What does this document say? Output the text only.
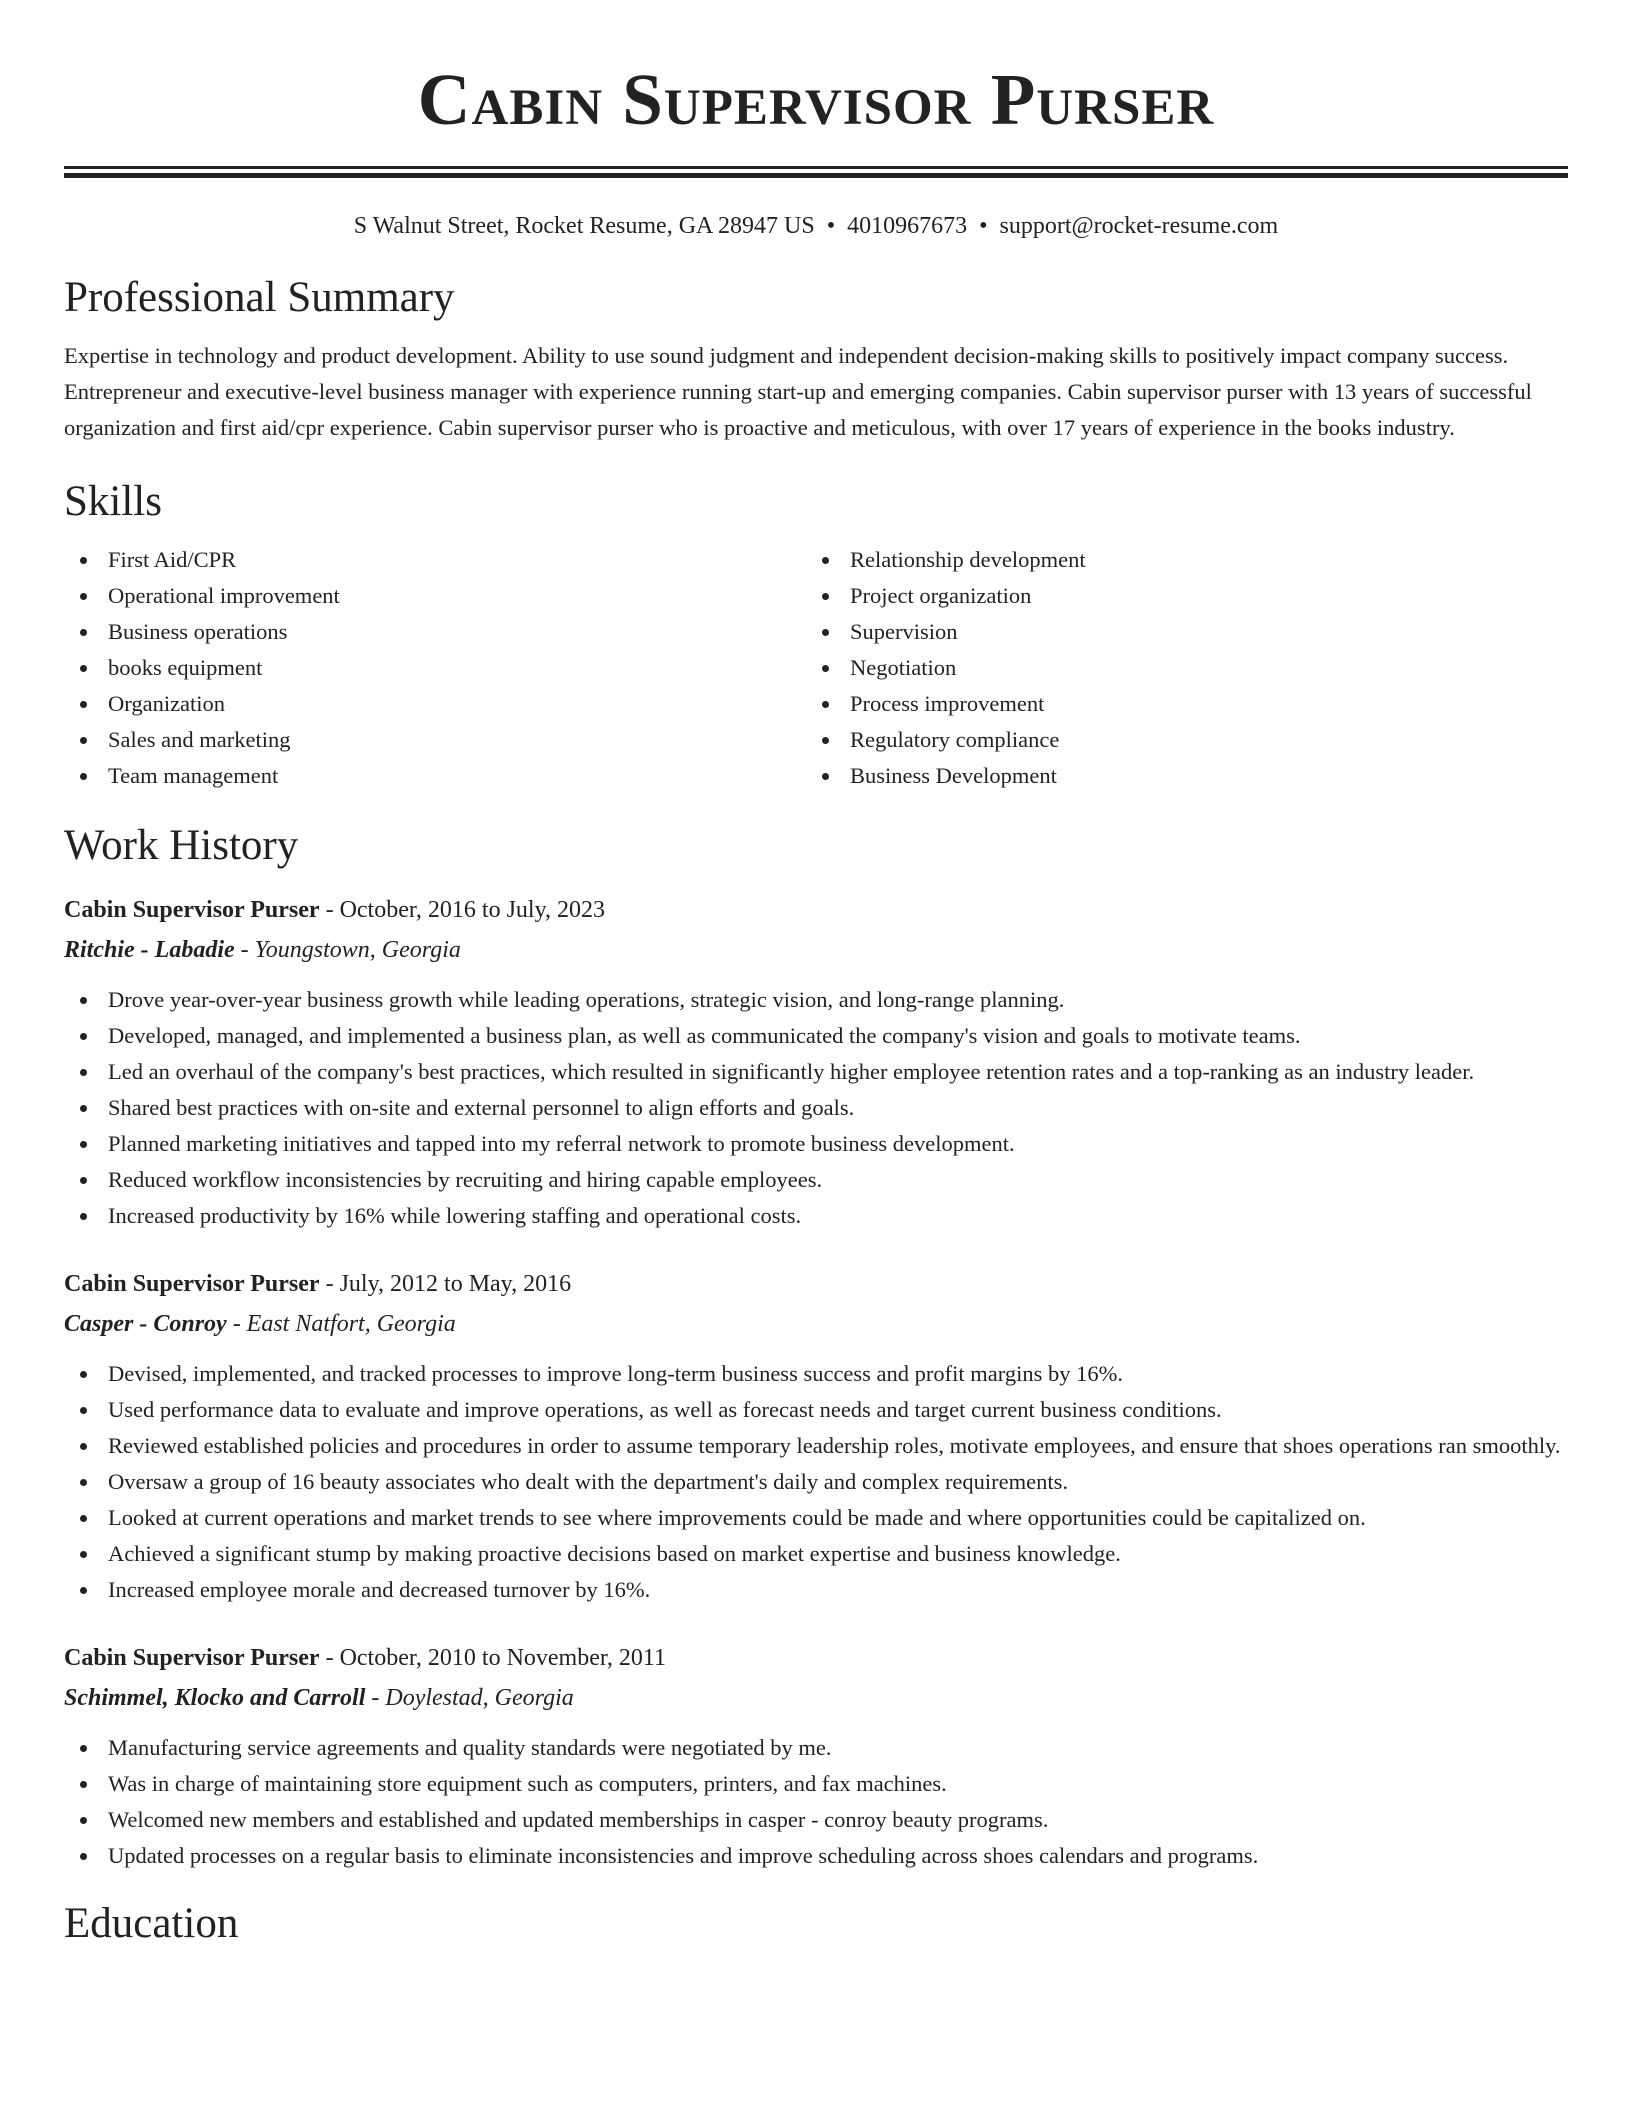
Cabin Supervisor Purser
S Walnut Street, Rocket Resume, GA 28947 US • 4010967673 • support@rocket-resume.com
Professional Summary

Expertise in technology and product development. Ability to use sound judgment and independent decision-making skills to positively impact company success. Entrepreneur and executive-level business manager with experience running start-up and emerging companies. Cabin supervisor purser with 13 years of successful organization and first aid/cpr experience. Cabin supervisor purser who is proactive and meticulous, with over 17 years of experience in the books industry.

Skills
First Aid/CPR
Operational improvement
Business operations
books equipment
Organization
Sales and marketing
Team management
Relationship development
Project organization
Supervision
Negotiation
Process improvement
Regulatory compliance
Business Development
Work History
Cabin Supervisor Purser - October, 2016 to July, 2023
Ritchie - Labadie - Youngstown, Georgia
Drove year-over-year business growth while leading operations, strategic vision, and long-range planning.
Developed, managed, and implemented a business plan, as well as communicated the company's vision and goals to motivate teams.
Led an overhaul of the company's best practices, which resulted in significantly higher employee retention rates and a top-ranking as an industry leader.
Shared best practices with on-site and external personnel to align efforts and goals.
Planned marketing initiatives and tapped into my referral network to promote business development.
Reduced workflow inconsistencies by recruiting and hiring capable employees.
Increased productivity by 16% while lowering staffing and operational costs.
Cabin Supervisor Purser - July, 2012 to May, 2016
Casper - Conroy - East Natfort, Georgia
Devised, implemented, and tracked processes to improve long-term business success and profit margins by 16%.
Used performance data to evaluate and improve operations, as well as forecast needs and target current business conditions.
Reviewed established policies and procedures in order to assume temporary leadership roles, motivate employees, and ensure that shoes operations ran smoothly.
Oversaw a group of 16 beauty associates who dealt with the department's daily and complex requirements.
Looked at current operations and market trends to see where improvements could be made and where opportunities could be capitalized on.
Achieved a significant stump by making proactive decisions based on market expertise and business knowledge.
Increased employee morale and decreased turnover by 16%.
Cabin Supervisor Purser - October, 2010 to November, 2011
Schimmel, Klocko and Carroll - Doylestad, Georgia
Manufacturing service agreements and quality standards were negotiated by me.
Was in charge of maintaining store equipment such as computers, printers, and fax machines.
Welcomed new members and established and updated memberships in casper - conroy beauty programs.
Updated processes on a regular basis to eliminate inconsistencies and improve scheduling across shoes calendars and programs.
Education
